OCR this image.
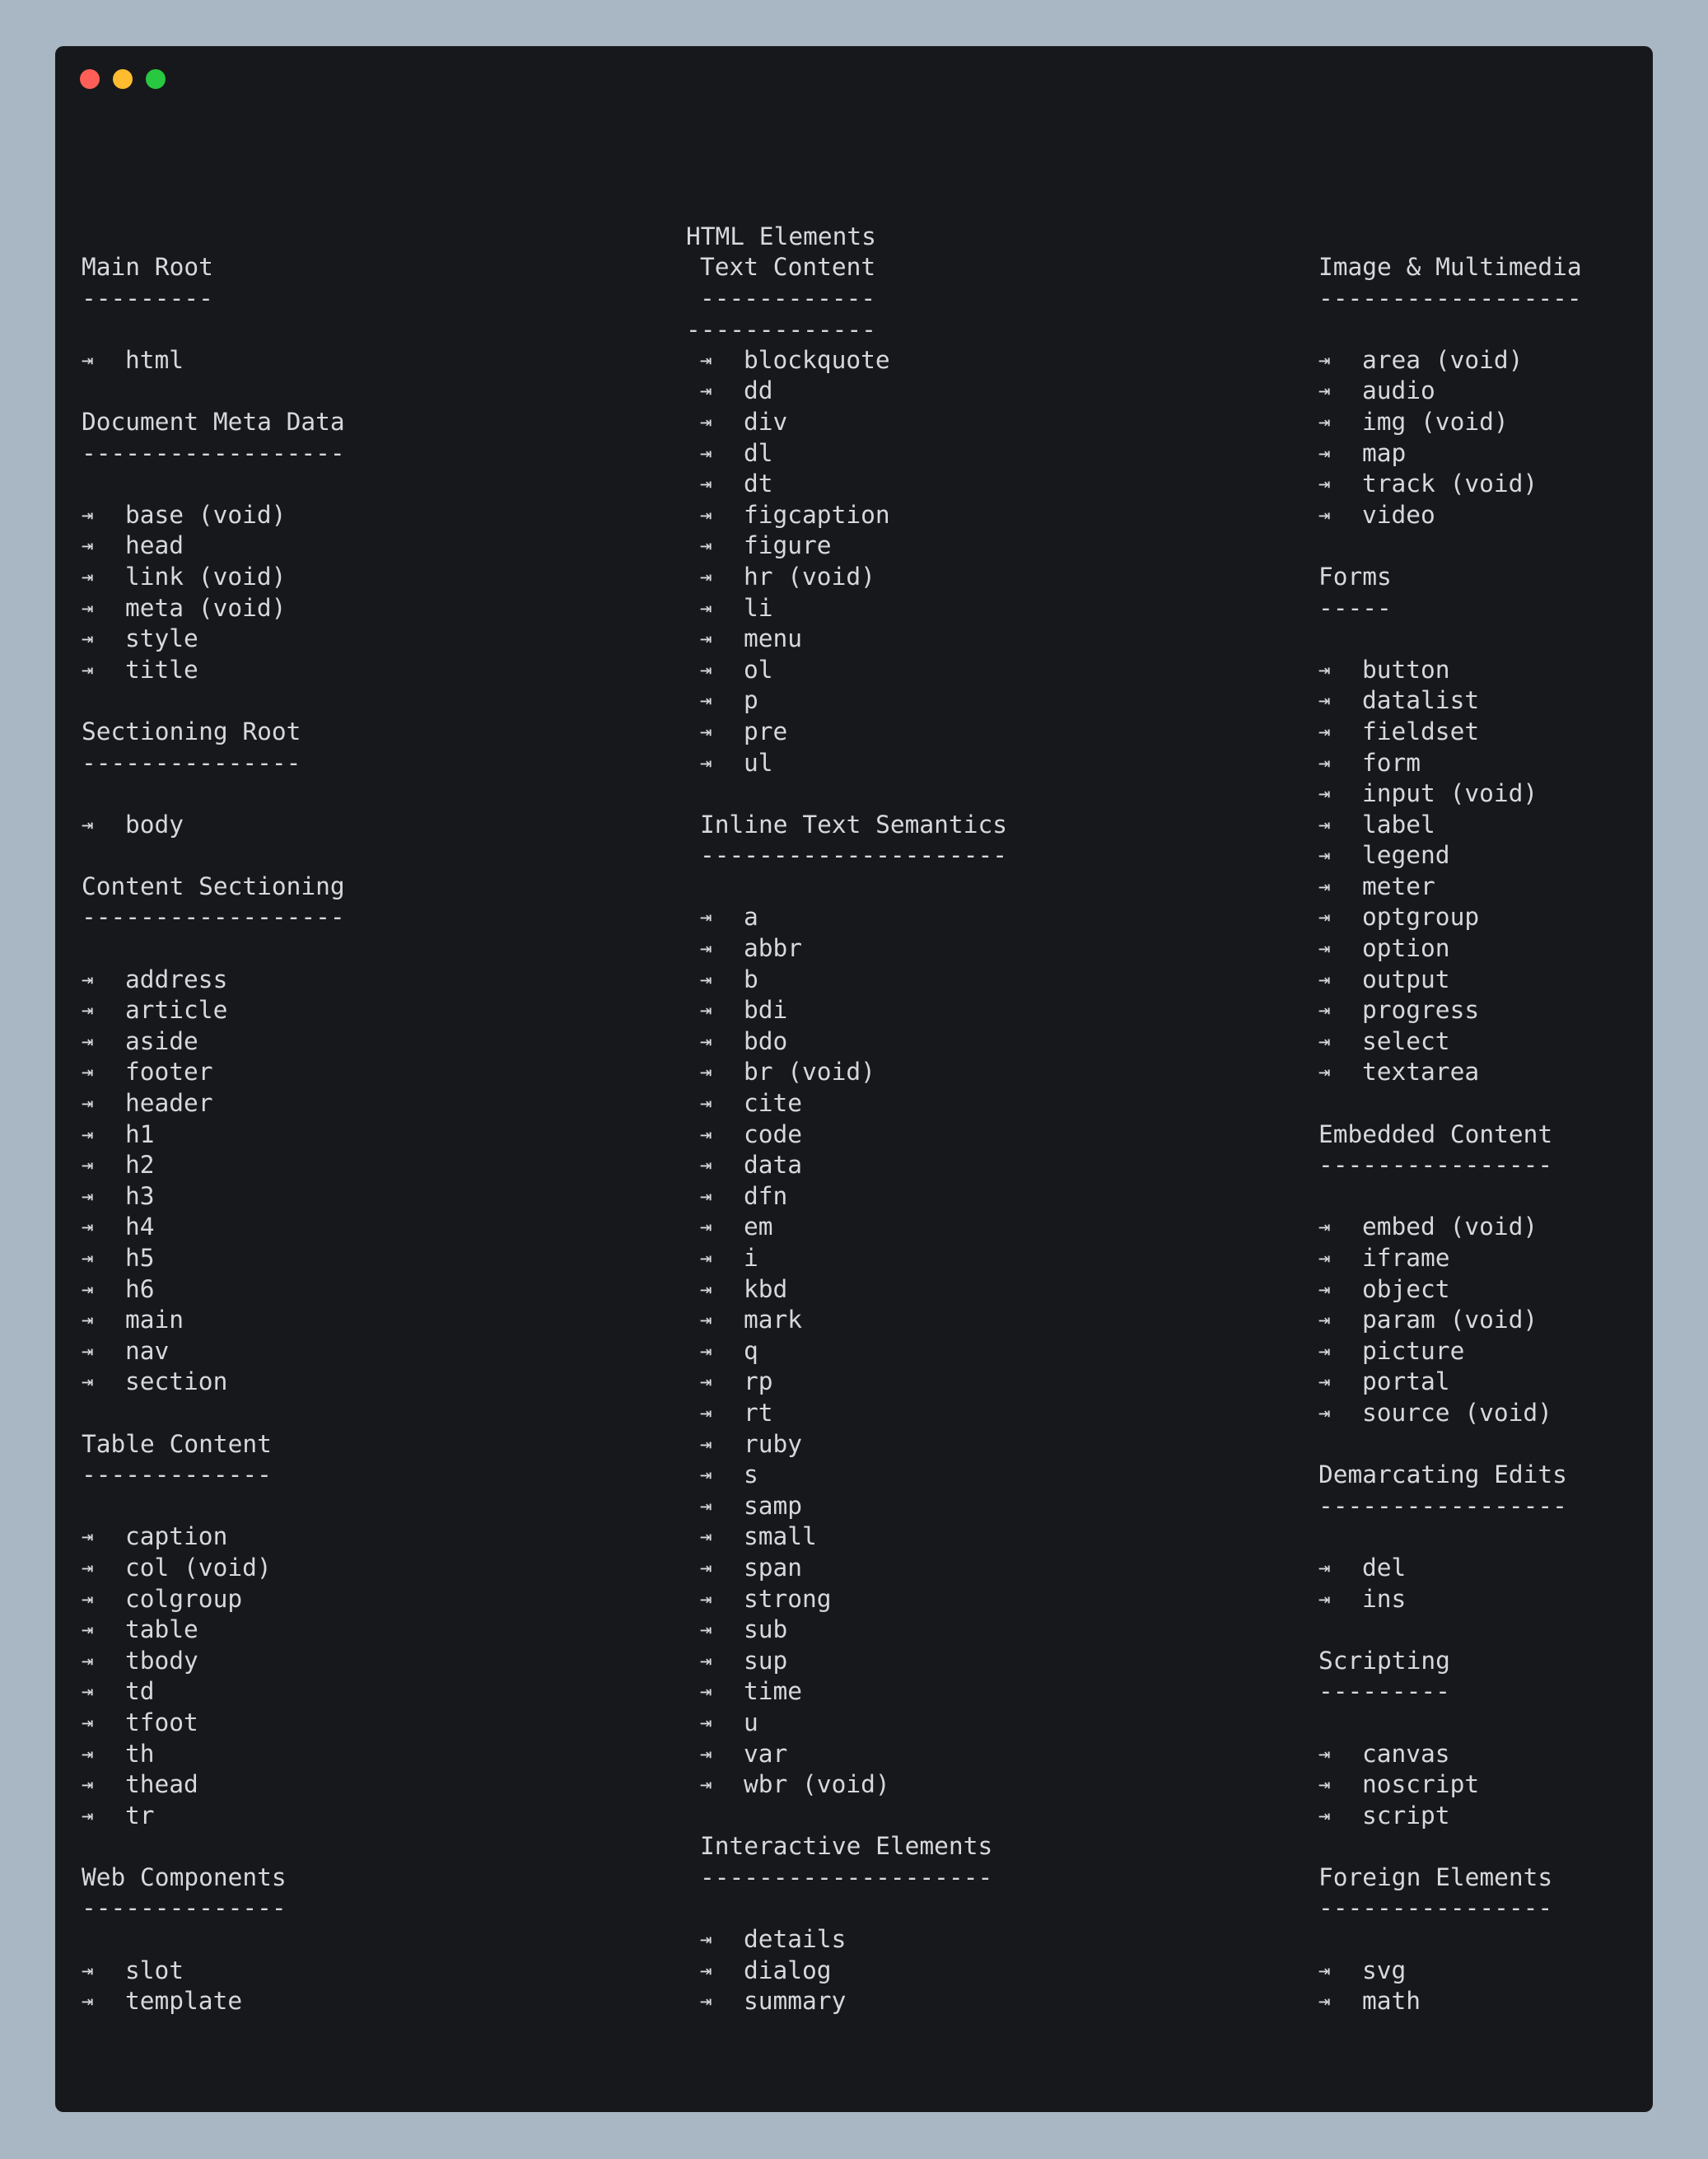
HTML Elements

-------------

Main Root
---------
⇥	html
Document Meta Data
------------------
⇥	base (void)
⇥	head
⇥	link (void)
⇥	meta (void)
⇥	style
⇥	title
Sectioning Root
---------------
⇥	body
Content Sectioning
------------------
⇥	address
⇥	article
⇥	aside
⇥	footer
⇥	header
⇥	h1
⇥	h2
⇥	h3
⇥	h4
⇥	h5
⇥	h6
⇥	main
⇥	nav
⇥	section
Table Content
-------------
⇥	caption
⇥	col (void)
⇥	colgroup
⇥	table
⇥	tbody
⇥	td
⇥	tfoot
⇥	th
⇥	thead
⇥	tr
Web Components
--------------
⇥	slot
⇥	template
Text Content
------------
⇥	blockquote
⇥	dd
⇥	div
⇥	dl
⇥	dt
⇥	figcaption
⇥	figure
⇥	hr (void)
⇥	li
⇥	menu
⇥	ol
⇥	p
⇥	pre
⇥	ul
Inline Text Semantics
---------------------
⇥	a
⇥	abbr
⇥	b
⇥	bdi
⇥	bdo
⇥	br (void)
⇥	cite
⇥	code
⇥	data
⇥	dfn
⇥	em
⇥	i
⇥	kbd
⇥	mark
⇥	q
⇥	rp
⇥	rt
⇥	ruby
⇥	s
⇥	samp
⇥	small
⇥	span
⇥	strong
⇥	sub
⇥	sup
⇥	time
⇥	u
⇥	var
⇥	wbr (void)
Interactive Elements
--------------------
⇥	details
⇥	dialog
⇥	summary
Image & Multimedia
------------------
⇥	area (void)
⇥	audio
⇥	img (void)
⇥	map
⇥	track (void)
⇥	video
Forms
-----
⇥	button
⇥	datalist
⇥	fieldset
⇥	form
⇥	input (void)
⇥	label
⇥	legend
⇥	meter
⇥	optgroup
⇥	option
⇥	output
⇥	progress
⇥	select
⇥	textarea
Embedded Content
----------------
⇥	embed (void)
⇥	iframe
⇥	object
⇥	param (void)
⇥	picture
⇥	portal
⇥	source (void)
Demarcating Edits
-----------------
⇥	del
⇥	ins
Scripting
---------
⇥	canvas
⇥	noscript
⇥	script
Foreign Elements
----------------
⇥	svg
⇥	math
